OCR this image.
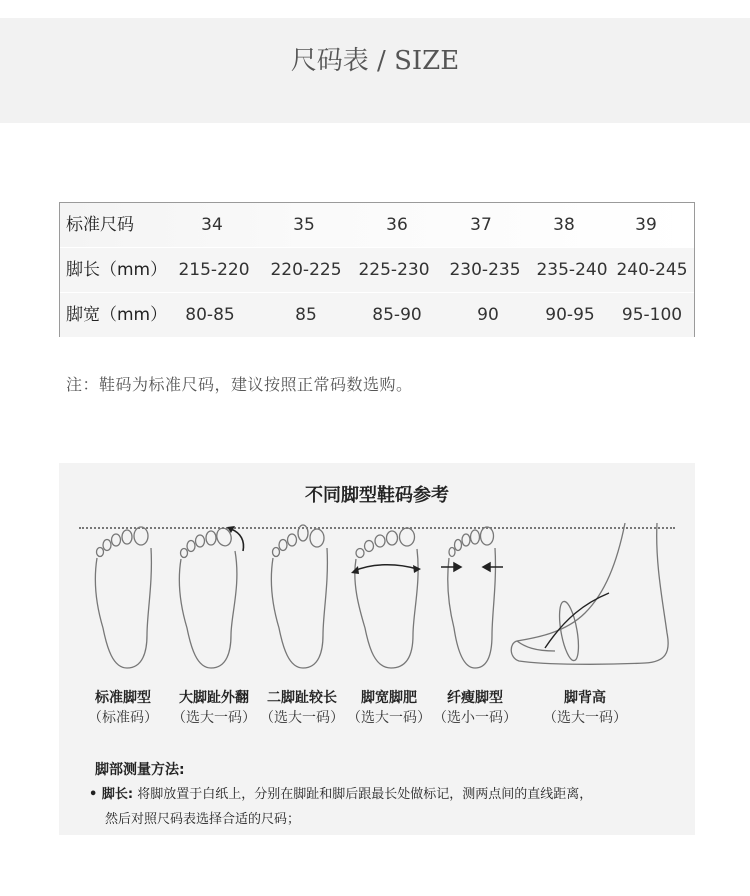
尺码表 / SIZE
标准尺码	34	35	36	37	38	39
脚长（mm） 215-220	220-225 225-230	230-235 235-240 240-245
脚宽（mm）	80-85	85	85-90	90	90-95	95-100
注：鞋码为标准尺码，建议按照正常码数选购。
不同脚型鞋码参考
标准脚型
（标准码）
大脚趾外翻
（选大一码）
二脚趾较长
（选大一码）
脚宽脚肥
（选大一码）
纤瘦脚型
（选小一码）
脚背高
（选大一码）
脚部测量方法:
• 脚长: 将脚放置于白纸上，分别在脚趾和脚后跟最长处做标记，测两点间的直线距离，
然后对照尺码表选择合适的尺码；
